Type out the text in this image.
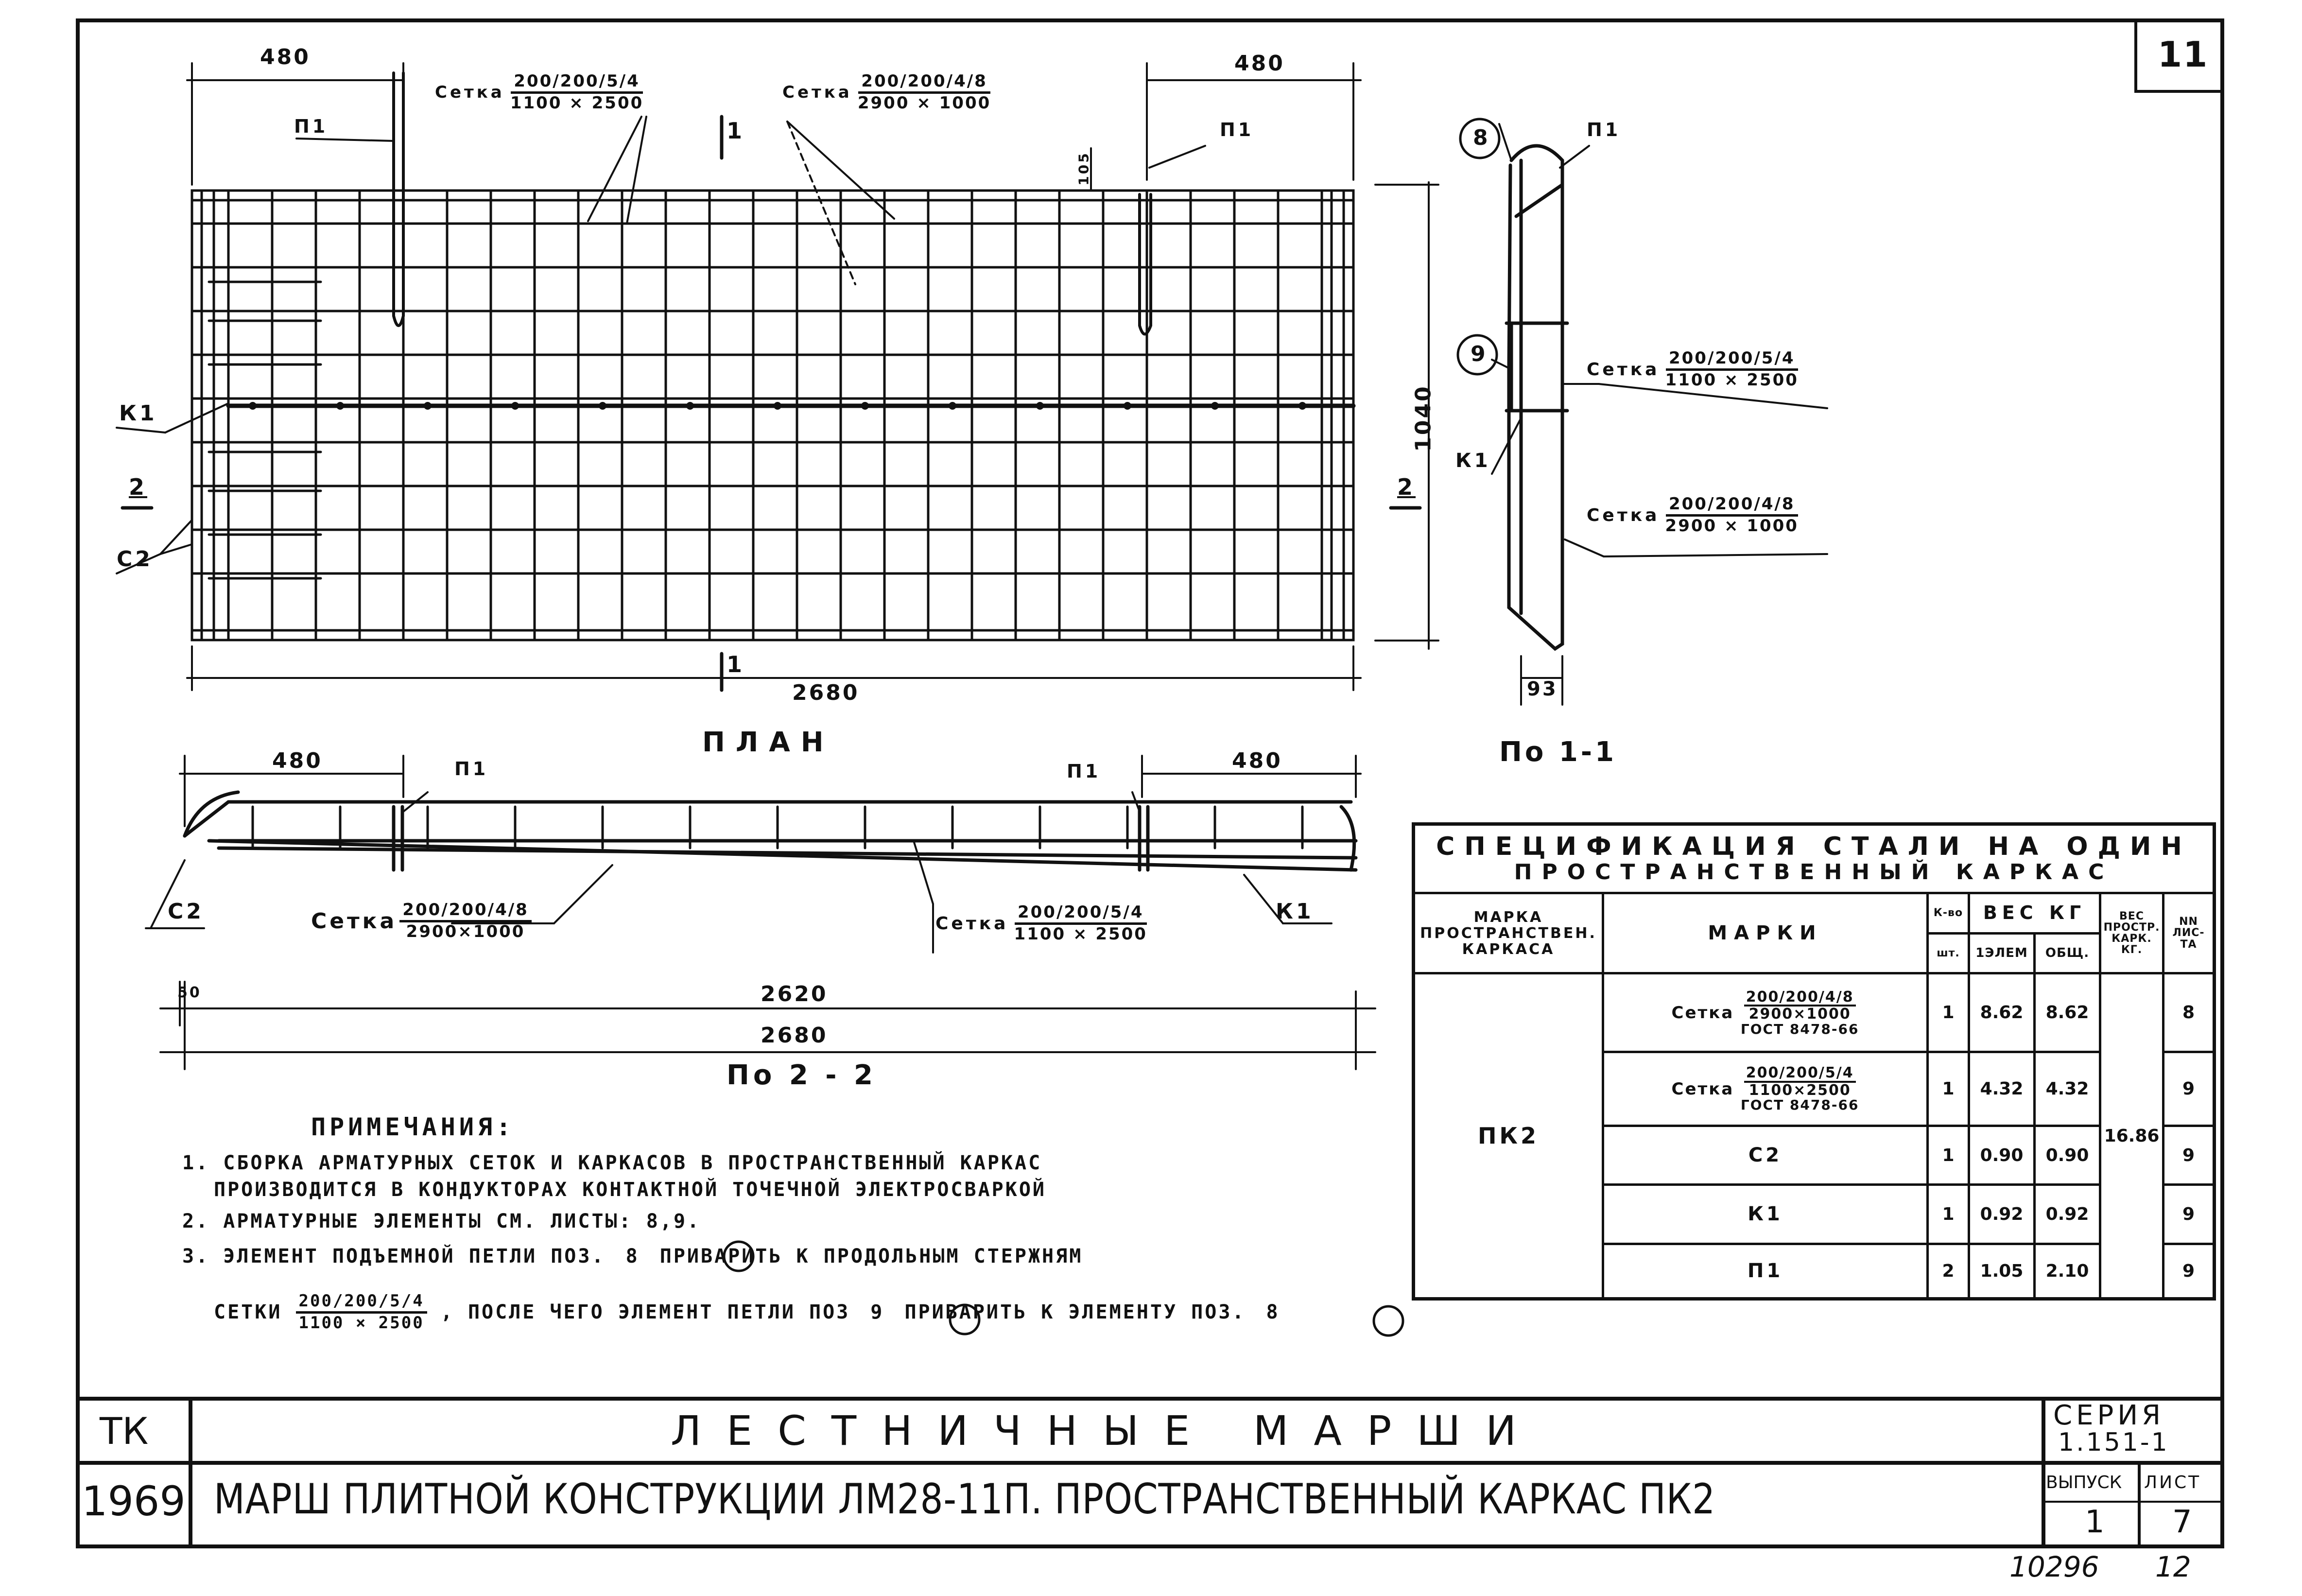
480	480
2680
1040
105
1
1
2	2
П1	П1
К1
С2
Сетка $\frac{200/200/5/4}{1100 \times 2500}$	Сетка $\frac{200/200/4/8}{2900 \times 1000}$
ПЛАН
8
9
П1
К1
93
По 1-1
Сетка $\frac{200/200/5/4}{1100 \times 2500}$
Сетка $\frac{200/200/4/8}{2900 \times 1000}$
480	480
2620
2680
50
П1	П1
С2	К1
Сетка $\frac{200/200/4/8}{2900\times 1000}$	Сетка $\frac{200/200/5/4}{1100 \times 2500}$
По 2 - 2
ПРИМЕЧАНИЯ:
1. СБОРКА АРМАТУРНЫХ СЕТОК И КАРКАСОВ В ПРОСТРАНСТВЕННЫЙ КАРКАС
ПРОИЗВОДИТСЯ В КОНДУКТОРАХ КОНТАКТНОЙ ТОЧЕЧНОЙ ЭЛЕКТРОСВАРКОЙ
2. АРМАТУРНЫЕ ЭЛЕМЕНТЫ СМ. ЛИСТЫ: 8,9.
3. ЭЛЕМЕНТ ПОДЪЕМНОЙ ПЕТЛИ ПОЗ. 8 ПРИВАРИТЬ К ПРОДОЛЬНЫМ СТЕРЖНЯМ
СЕТКИ $\frac{200/200/5/4}{1100 \times 2500}$ , ПОСЛЕ ЧЕГО ЭЛЕМЕНТ ПЕТЛИ ПОЗ 9 ПРИВАРИТЬ К ЭЛЕМЕНТУ ПОЗ. 8
СПЕЦИФИКАЦИЯ СТАЛИ НА ОДИН
ПРОСТРАНСТВЕННЫЙ КАРКАС						

МАРКА ПРОСТРАНСТВЕН. КАРКАСА	МАРКИ	К-во	ВЕС КГ		ВЕС ПРОСТР. КАРК. КГ.	NN ЛИС-ТА
		шт.	1ЭЛЕМ	ОБЩ.		
ПК2	Сетка
200/200/4/8
2900×1000
ГОСТ 8478-66	1	8.62	8.62	16.86	8
	Сетка
200/200/5/4
1100×2500
ГОСТ 8478-66	1	4.32	4.32		9
	С2	1	0.90	0.90		9
	К1	1	0.92	0.92		9
	П1	2	1.05	2.10		9
11
ТК
1969
ЛЕСТНИЧНЫЕ МАРШИ
МАРШ ПЛИТНОЙ КОНСТРУКЦИИ ЛМ28-11П. ПРОСТРАНСТВЕННЫЙ КАРКАС ПК2
СЕРИЯ
1.151-1
ВЫПУСК
1
ЛИСТ
7
10296 12
